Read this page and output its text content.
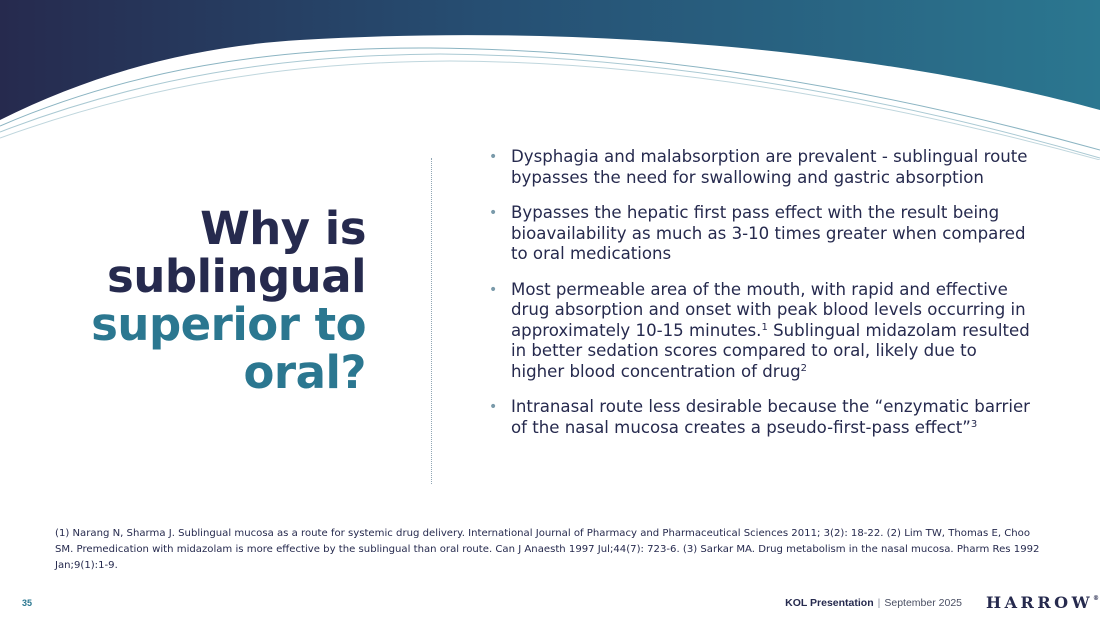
Why is
sublingual
superior to
oral?
• Dysphagia and malabsorption are prevalent - sublingual route bypasses the need for swallowing and gastric absorption
• Bypasses the hepatic first pass effect with the result being bioavailability as much as 3-10 times greater when compared to oral medications
• Most permeable area of the mouth, with rapid and effective drug absorption and onset with peak blood levels occurring in approximately 10-15 minutes.$^1$ Sublingual midazolam resulted in better sedation scores compared to oral, likely due to higher blood concentration of drug$^2$
• Intranasal route less desirable because the “enzymatic barrier of the nasal mucosa creates a pseudo-first-pass effect”$^3$

(1) Narang N, Sharma J. Sublingual mucosa as a route for systemic drug delivery. International Journal of Pharmacy and Pharmaceutical Sciences 2011; 3(2): 18-22. (2) Lim TW, Thomas E, Choo SM. Premedication with midazolam is more effective by the sublingual than oral route. Can J Anaesth 1997 Jul;44(7): 723-6. (3) Sarkar MA. Drug metabolism in the nasal mucosa. Pharm Res 1992 Jan;9(1):1-9.

35	KOL Presentation | September 2025 HARROW®
